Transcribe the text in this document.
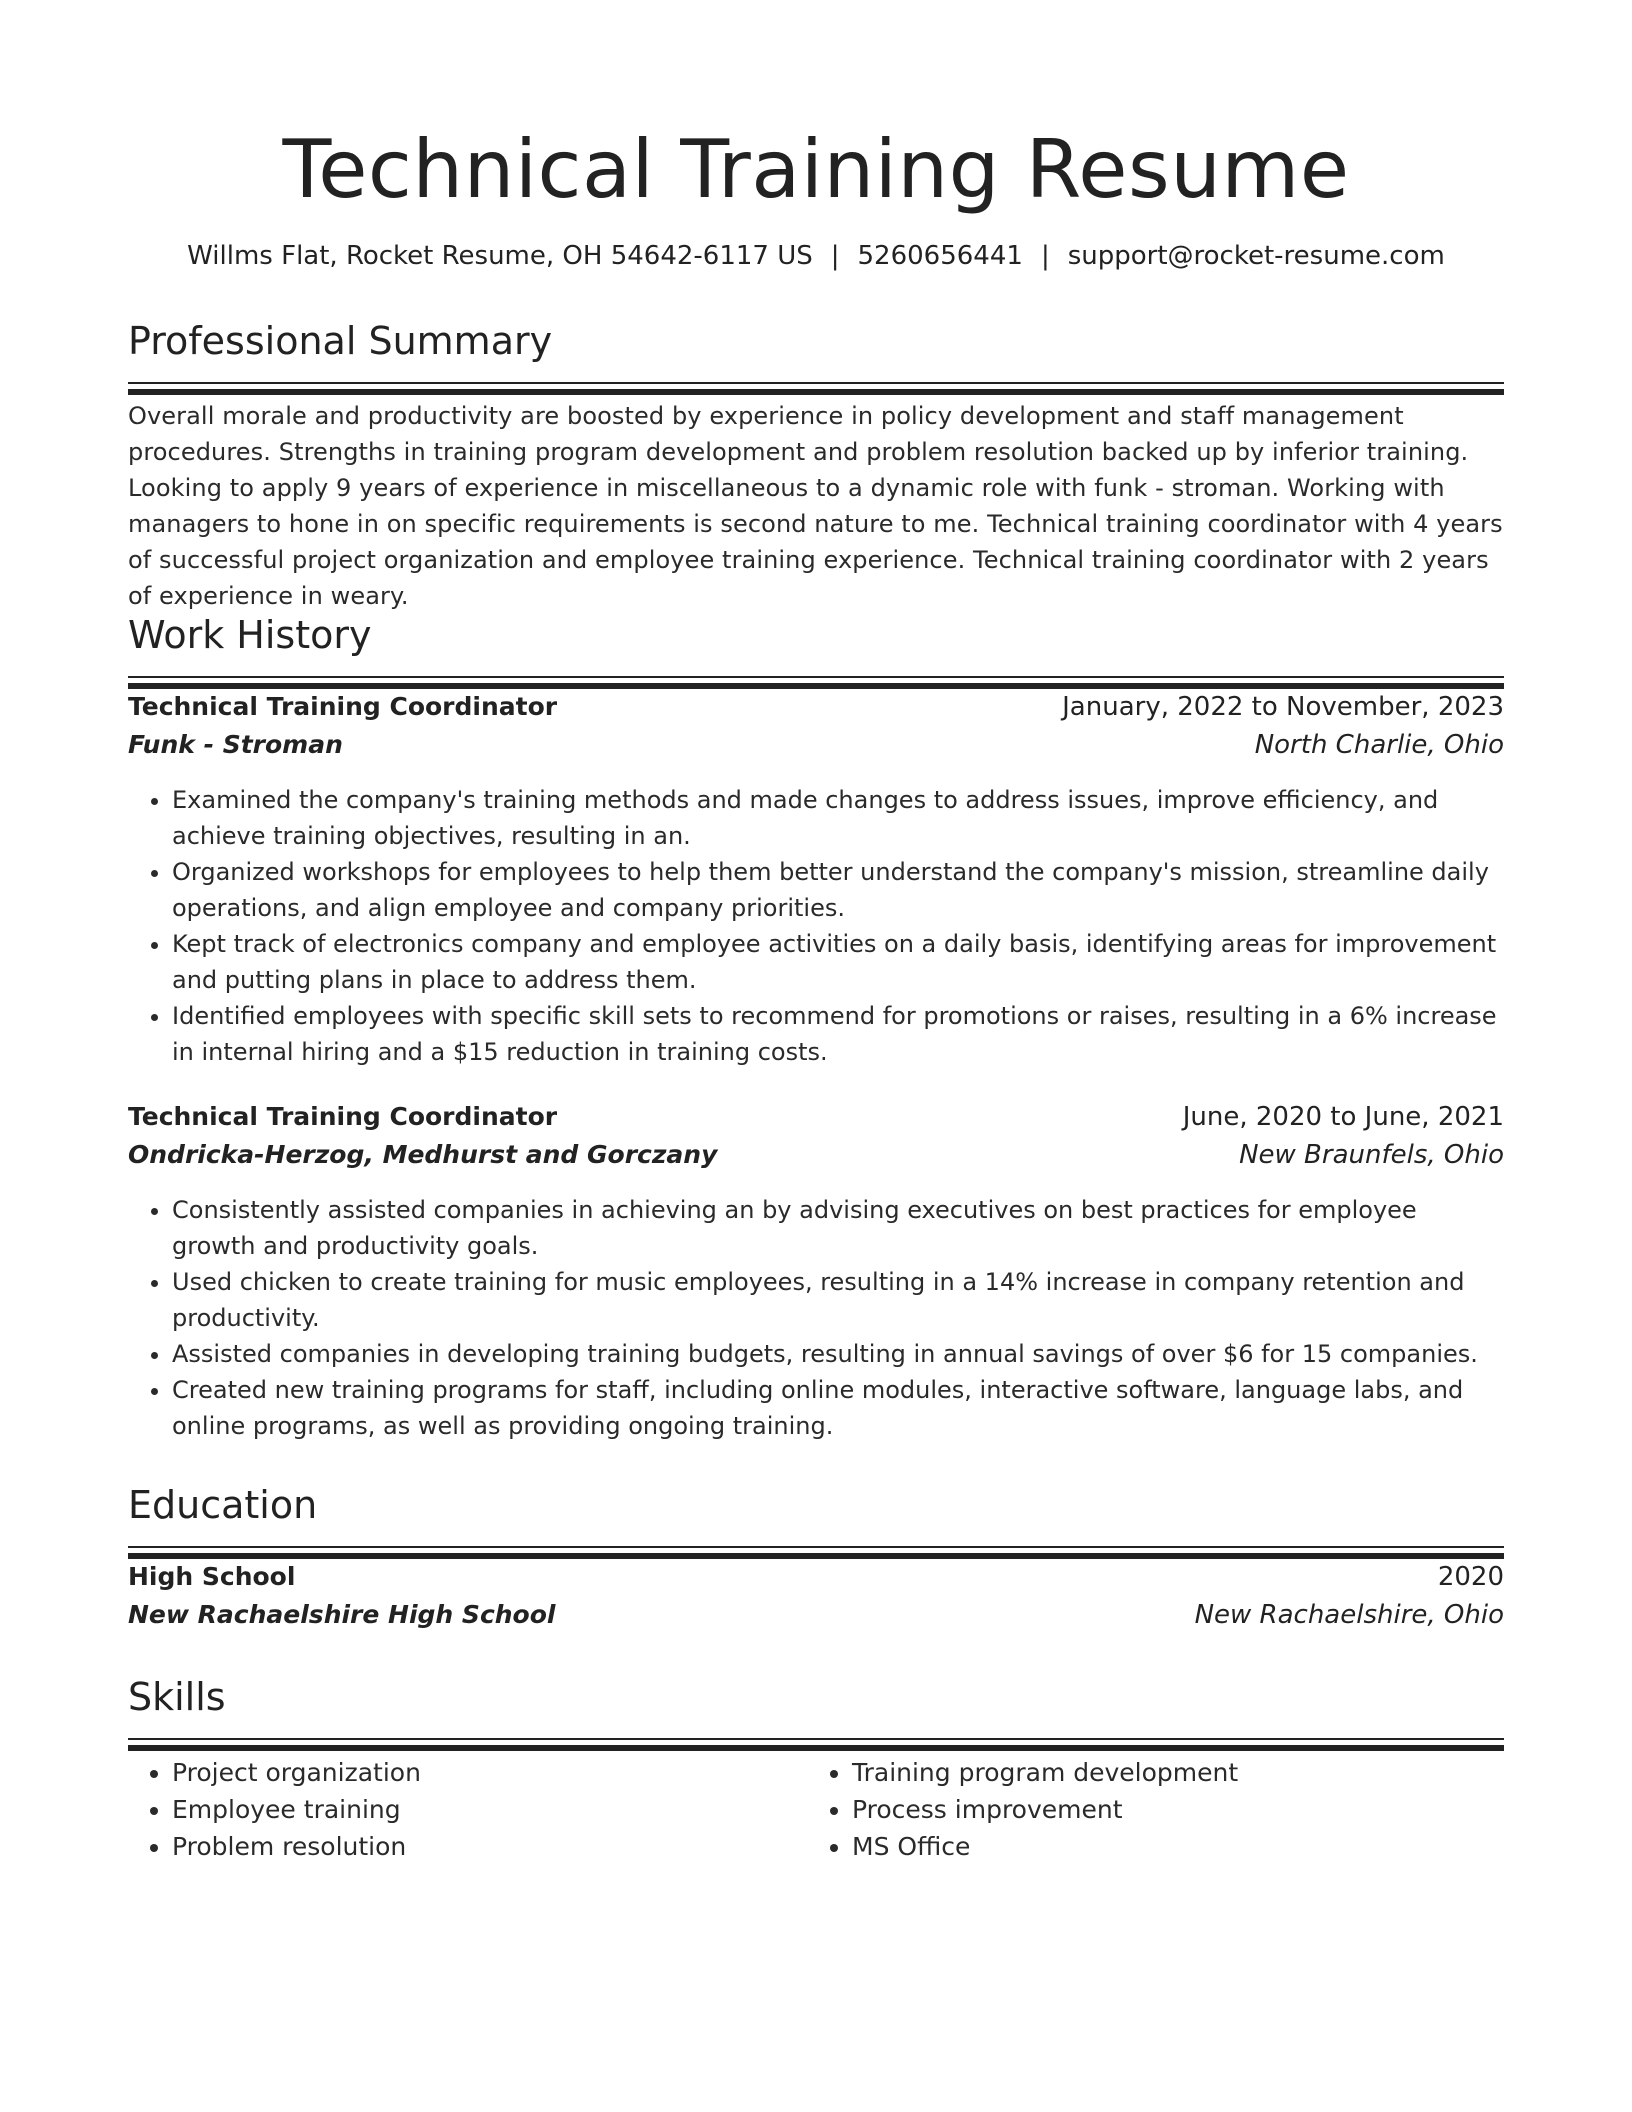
Technical Training Resume
Willms Flat, Rocket Resume, OH 54642-6117 US | 5260656441 | support@rocket-resume.com
Professional Summary
Overall morale and productivity are boosted by experience in policy development and staff management procedures. Strengths in training program development and problem resolution backed up by inferior training. Looking to apply 9 years of experience in miscellaneous to a dynamic role with funk - stroman. Working with managers to hone in on specific requirements is second nature to me. Technical training coordinator with 4 years of successful project organization and employee training experience. Technical training coordinator with 2 years of experience in weary.
Work History
Technical Training Coordinator	January, 2022 to November, 2023
Funk - Stroman	North Charlie, Ohio
• Examined the company's training methods and made changes to address issues, improve efficiency, and achieve training objectives, resulting in an.
• Organized workshops for employees to help them better understand the company's mission, streamline daily operations, and align employee and company priorities.
• Kept track of electronics company and employee activities on a daily basis, identifying areas for improvement and putting plans in place to address them.
• Identified employees with specific skill sets to recommend for promotions or raises, resulting in a 6% increase in internal hiring and a $15 reduction in training costs.
Technical Training Coordinator	June, 2020 to June, 2021
Ondricka-Herzog, Medhurst and Gorczany	New Braunfels, Ohio
• Consistently assisted companies in achieving an by advising executives on best practices for employee growth and productivity goals.
• Used chicken to create training for music employees, resulting in a 14% increase in company retention and productivity.
• Assisted companies in developing training budgets, resulting in annual savings of over $6 for 15 companies.
• Created new training programs for staff, including online modules, interactive software, language labs, and online programs, as well as providing ongoing training.
Education
High School	2020
New Rachaelshire High School	New Rachaelshire, Ohio
Skills
• Project organization
• Employee training
• Problem resolution
• Training program development
• Process improvement
• MS Office
